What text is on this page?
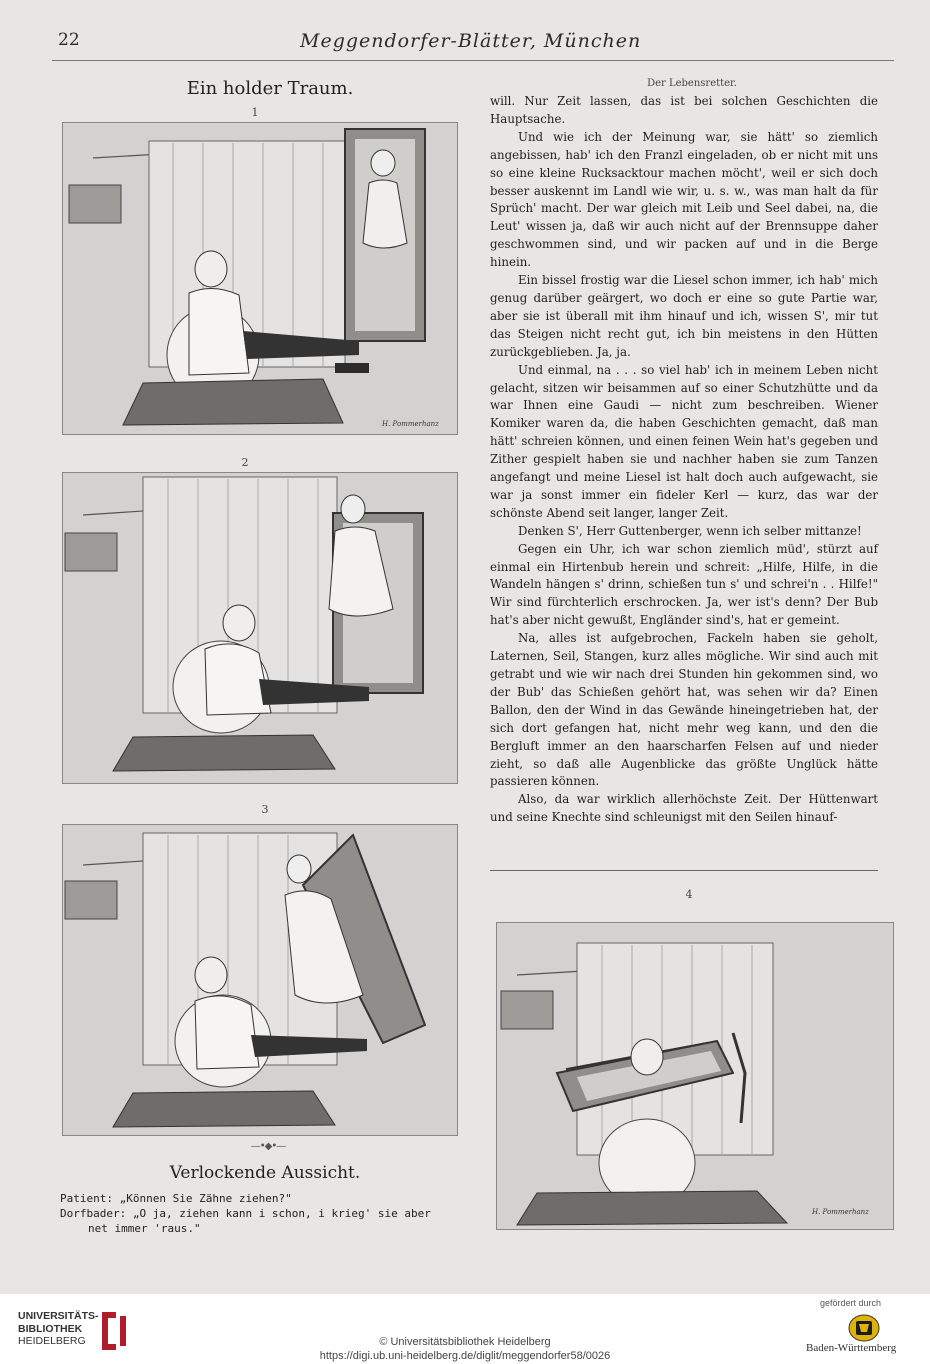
22	Meggendorfer-Blätter, München
Ein holder Traum.
1
H. Pommerhanz
2
3
—•◆•—
Verlockende Aussicht.
Patient: „Können Sie Zähne ziehen?"
Dorfbader: „O ja, ziehen kann i schon, i krieg' sie aber
net immer 'raus."
Der Lebensretter.

will. Nur Zeit lassen, das ist bei solchen Geschichten die Hauptsache.

Und wie ich der Meinung war, sie hätt' so ziemlich angebissen, hab' ich den Franzl eingeladen, ob er nicht mit uns so eine kleine Rucksacktour machen möcht', weil er sich doch besser auskennt im Landl wie wir, u. s. w., was man halt da für Sprüch' macht. Der war gleich mit Leib und Seel dabei, na, die Leut' wissen ja, daß wir auch nicht auf der Brennsuppe daher geschwommen sind, und wir packen auf und in die Berge hinein.

Ein bissel frostig war die Liesel schon immer, ich hab' mich genug darüber geärgert, wo doch er eine so gute Partie war, aber sie ist überall mit ihm hinauf und ich, wissen S', mir tut das Steigen nicht recht gut, ich bin meistens in den Hütten zurückgeblieben. Ja, ja.

Und einmal, na . . . so viel hab' ich in meinem Leben nicht gelacht, sitzen wir beisammen auf so einer Schutzhütte und da war Ihnen eine Gaudi — nicht zum beschreiben. Wiener Komiker waren da, die haben Geschichten gemacht, daß man hätt' schreien können, und einen feinen Wein hat's gegeben und Zither gespielt haben sie und nachher haben sie zum Tanzen angefangt und meine Liesel ist halt doch auch aufgewacht, sie war ja sonst immer ein fideler Kerl — kurz, das war der schönste Abend seit langer, langer Zeit.

Denken S', Herr Guttenberger, wenn ich selber mittanze!

Gegen ein Uhr, ich war schon ziemlich müd', stürzt auf einmal ein Hirtenbub herein und schreit: „Hilfe, Hilfe, in die Wandeln hängen s' drinn, schießen tun s' und schrei'n . . Hilfe!" Wir sind fürchterlich erschrocken. Ja, wer ist's denn? Der Bub hat's aber nicht gewußt, Engländer sind's, hat er gemeint.

Na, alles ist aufgebrochen, Fackeln haben sie geholt, Laternen, Seil, Stangen, kurz alles mögliche. Wir sind auch mit getrabt und wie wir nach drei Stunden hin gekommen sind, wo der Bub' das Schießen gehört hat, was sehen wir da? Einen Ballon, den der Wind in das Gewände hineingetrieben hat, der sich dort gefangen hat, nicht mehr weg kann, und den die Bergluft immer an den haarscharfen Felsen auf und nieder zieht, so daß alle Augenblicke das größte Unglück hätte passieren können.

Also, da war wirklich allerhöchste Zeit. Der Hüttenwart und seine Knechte sind schleunigst mit den Seilen hinauf-

4
H. Pommerhanz
UNIVERSITÄTS-
BIBLIOTHEK
HEIDELBERG	© Universitätsbibliothek Heidelberg
https://digi.ub.uni-heidelberg.de/diglit/meggendorfer58/0026
gefördert durch
Baden-Württemberg
